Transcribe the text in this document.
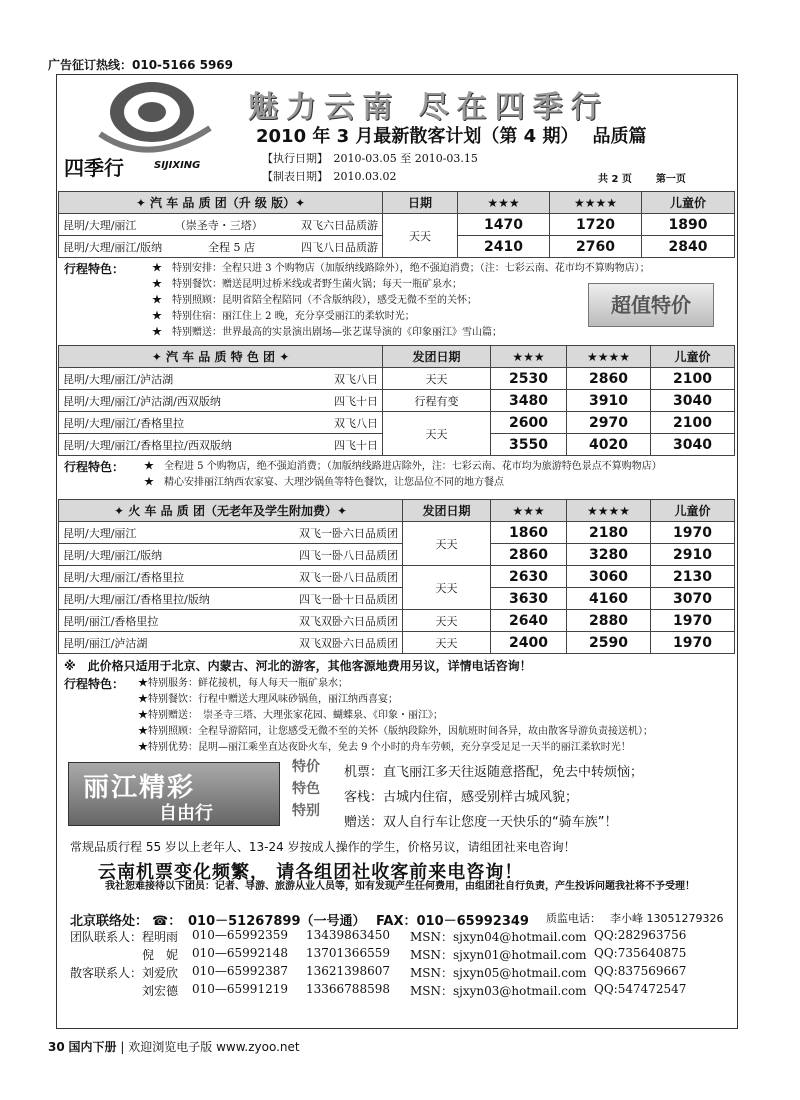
广告征订热线：010-5166 5969
四季行	SIJIXING
魅力云南 尽在四季行
2010 年 3 月最新散客计划（第 4 期） 品质篇
【执行日期】　2010-03.05 至 2010-03.15
【制表日期】　2010.03.02	共 2 页 第一页
✦ 汽 车 品 质 团（升 级 版）✦	日期	★★★	★★★★	儿童价

昆明/大理/丽江 （崇圣寺・三塔） 双飞六日品质游	天天	1470	1720	1890

昆明/大理/丽江/版纳 全程 5 店 四飞八日品质游		2410	2760	2840
行程特色：	★　特别安排：全程只进 3 个购物店（加版纳线路除外），绝不强迫消费；（注：七彩云南、花市均不算购物店）；
★　特别餐饮：赠送昆明过桥米线或者野生菌火锅；每天一瓶矿泉水；
★　特别照顾：昆明省陪全程陪同（不含版纳段），感受无微不至的关怀；
★　特别住宿：丽江住上 2 晚，充分享受丽江的柔软时光；
★　特别赠送：世界最高的实景演出剧场—张艺谋导演的《印象丽江》雪山篇；
超值特价
✦ 汽 车 品 质 特 色 团 ✦	发团日期	★★★	★★★★	儿童价

昆明/大理/丽江/泸沽湖 双飞八日	天天	2530	2860	2100

昆明/大理/丽江/泸沽湖/西双版纳 四飞十日	行程有变	3480	3910	3040

昆明/大理/丽江/香格里拉 双飞八日	天天	2600	2970	2100

昆明/大理/丽江/香格里拉/西双版纳 四飞十日		3550	4020	3040
行程特色：	★　全程进 5 个购物店，绝不强迫消费；（加版纳线路进店除外，注：七彩云南、花市均为旅游特色景点不算购物店）
★　精心安排丽江纳西农家宴、大理沙锅鱼等特色餐饮，让您品位不同的地方餐点
✦ 火 车 品 质 团（无老年及学生附加费）✦	发团日期	★★★	★★★★	儿童价

昆明/大理/丽江 双飞一卧六日品质团	天天	1860	2180	1970

昆明/大理/丽江/版纳 四飞一卧八日品质团		2860	3280	2910

昆明/大理/丽江/香格里拉 双飞一卧八日品质团	天天	2630	3060	2130

昆明/大理/丽江/香格里拉/版纳 四飞一卧十日品质团		3630	4160	3070

昆明/丽江/香格里拉 双飞双卧六日品质团	天天	2640	2880	1970

昆明/丽江/泸沽湖 双飞双卧六日品质团	天天	2400	2590	1970
※　此价格只适用于北京、内蒙古、河北的游客，其他客源地费用另议，详情电话咨询！
行程特色：	★特别服务：鲜花接机，每人每天一瓶矿泉水；
★特别餐饮：行程中赠送大理风味砂锅鱼，丽江纳西喜宴；
★特别赠送：　崇圣寺三塔、大理张家花园、蝴蝶泉、《印象・丽江》；
★特别照顾：全程导游陪同，让您感受无微不至的关怀（版纳段除外，因航班时间各异，故由散客导游负责接送机）；
★特别优势：昆明—丽江乘坐直达夜卧火车，免去 9 个小时的舟车劳顿，充分享受足足一天半的丽江柔软时光！
丽江精彩
自由行
特价
特色
特别
机票：直飞丽江多天往返随意搭配，免去中转烦恼；
客栈：古城内住宿，感受别样古城风貌；
赠送：双人自行车让您度一天快乐的“骑车族”！
常规品质行程 55 岁以上老年人、13-24 岁按成人操作的学生，价格另议，请组团社来电咨询！
云南机票变化频繁， 请各组团社收客前来电咨询！
我社恕难接待以下团员：记者、导游、旅游从业人员等，如有发现产生任何费用，由组团社自行负责，产生投诉问题我社将不予受理！
北京联络处： ☎： 010－51267899（一号通） FAX：010－65992349 质监电话： 李小峰 13051279326
团队联系人： 程明雨 010—65992359 13439863450 MSN：sjxyn04@hotmail.com QQ:282963756
倪　妮 010—65992148 13701366559 MSN：sjxyn01@hotmail.com QQ:735640875
散客联系人： 刘爱欣 010—65992387 13621398607 MSN：sjxyn05@hotmail.com QQ:837569667
刘宏德 010—65991219 13366788598 MSN：sjxyn03@hotmail.com QQ:547472547
30 国内下册 | 欢迎浏览电子版 www.zyoo.net
